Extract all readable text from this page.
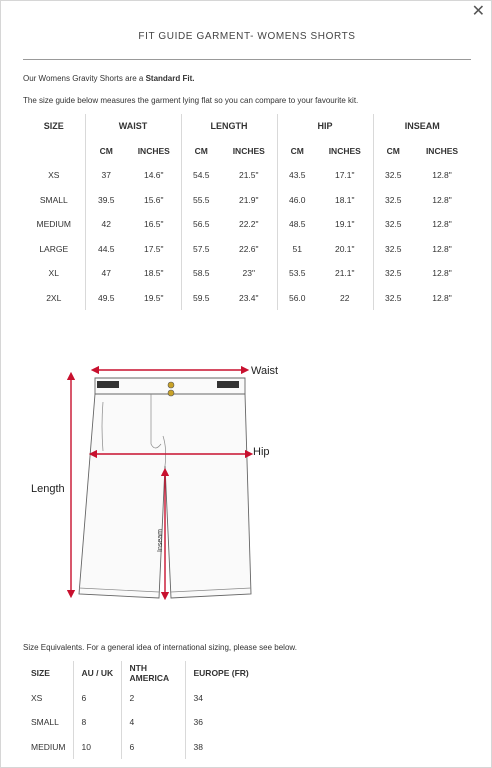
✕
FIT GUIDE GARMENT- WOMENS SHORTS
Our Womens Gravity Shorts are a Standard Fit.
The size guide below measures the garment lying flat so you can compare to your favourite kit.
SIZE	WAIST		LENGTH		HIP		INSEAM	
	CM	INCHES	CM	INCHES	CM	INCHES	CM	INCHES
XS	37	14.6"	54.5	21.5"	43.5	17.1"	32.5	12.8"
SMALL	39.5	15.6"	55.5	21.9"	46.0	18.1"	32.5	12.8"
MEDIUM	42	16.5"	56.5	22.2"	48.5	19.1"	32.5	12.8"
LARGE	44.5	17.5"	57.5	22.6"	51	20.1"	32.5	12.8"
XL	47	18.5"	58.5	23"	53.5	21.1"	32.5	12.8"
2XL	49.5	19.5"	59.5	23.4"	56.0	22	32.5	12.8"
Inseam
Waist
Hip
Length
Size Equivalents. For a general idea of international sizing, please see below.
SIZE	AU / UK	NTH AMERICA	EUROPE (FR)
XS	6	2	34
SMALL	8	4	36
MEDIUM	10	6	38
